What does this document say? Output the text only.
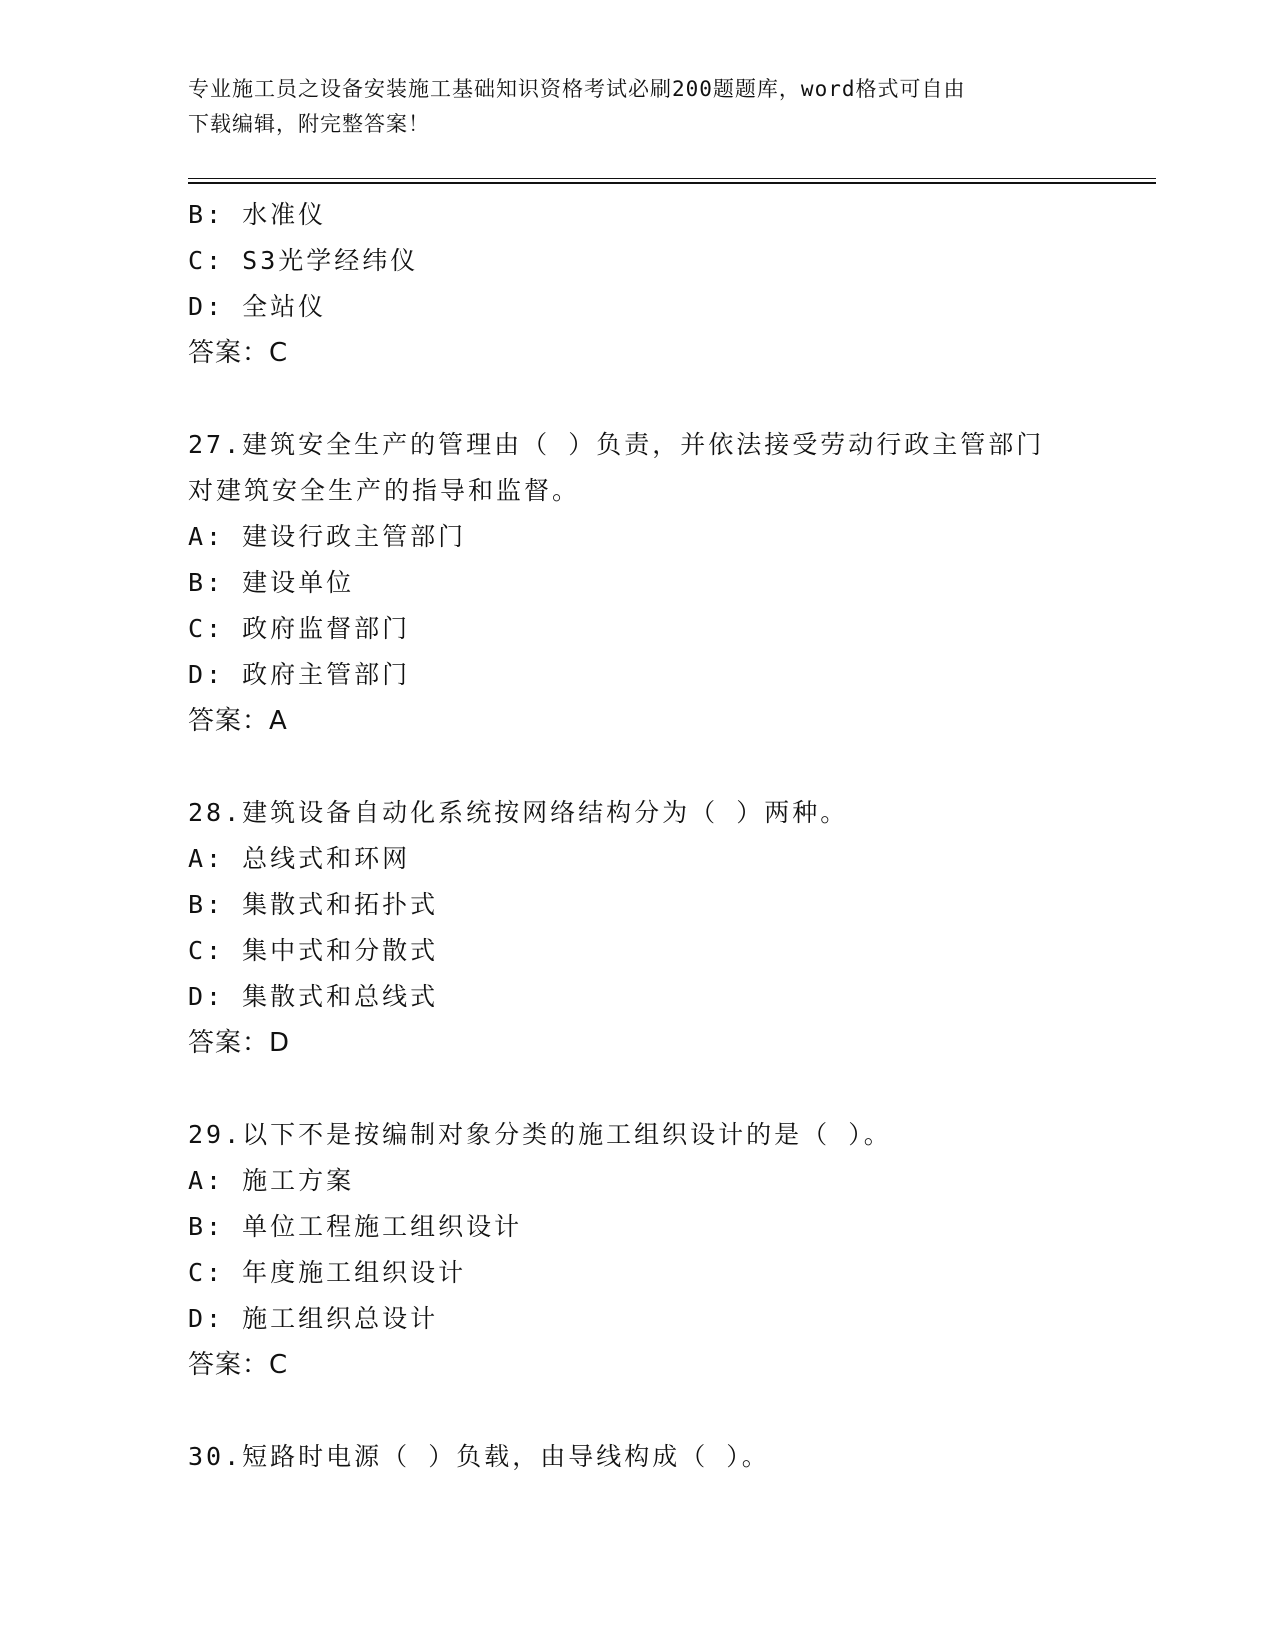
专业施工员之设备安装施工基础知识资格考试必刷200题题库，word格式可自由
下载编辑，附完整答案！
B: 水准仪
C: S3光学经纬仪
D: 全站仪
答案：C
27.建筑安全生产的管理由（ ）负责，并依法接受劳动行政主管部门
对建筑安全生产的指导和监督。
A: 建设行政主管部门
B: 建设单位
C: 政府监督部门
D: 政府主管部门
答案：A
28.建筑设备自动化系统按网络结构分为（ ）两种。
A: 总线式和环网
B: 集散式和拓扑式
C: 集中式和分散式
D: 集散式和总线式
答案：D
29.以下不是按编制对象分类的施工组织设计的是（ ）。
A: 施工方案
B: 单位工程施工组织设计
C: 年度施工组织设计
D: 施工组织总设计
答案：C
30.短路时电源（ ）负载，由导线构成（ ）。
